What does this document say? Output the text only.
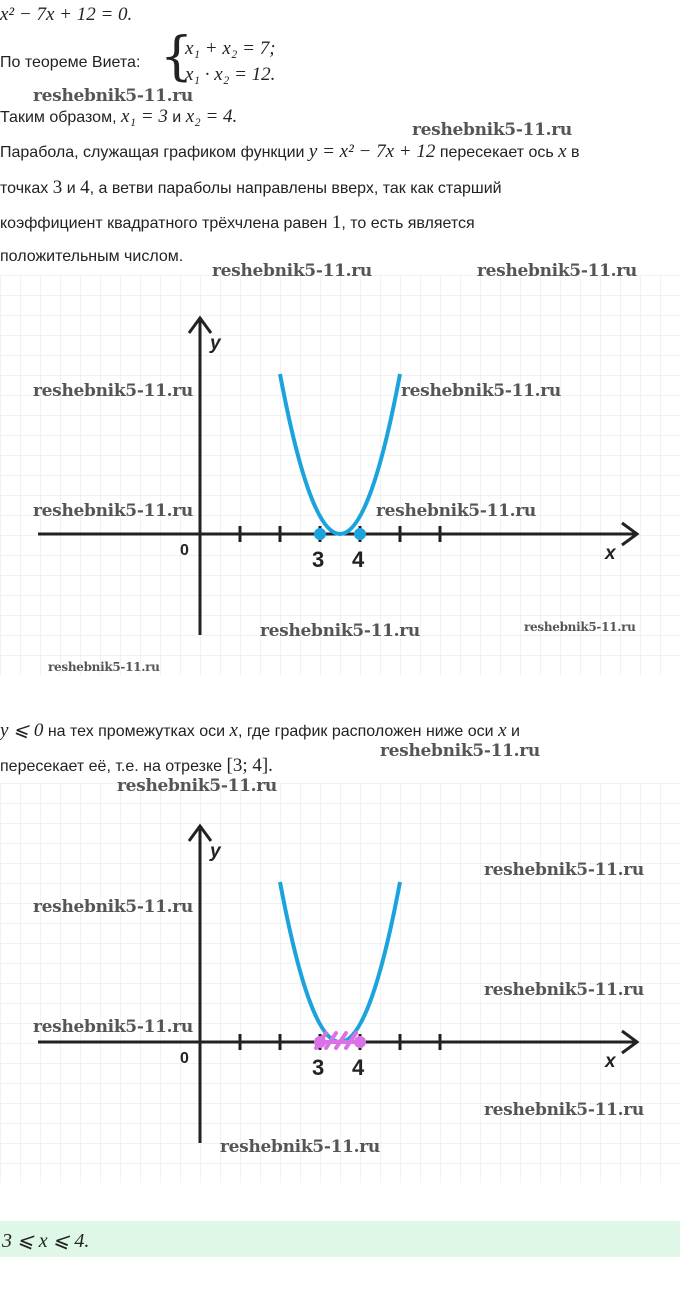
x² − 7x + 12 = 0.
По теореме Виета: {
x₁ + x₂ = 7;
x₁ · x₂ = 12.
Таким образом, x₁ = 3 и x₂ = 4.
Парабола, служащая графиком функции y = x² − 7x + 12 пересекает ось x в
точках 3 и 4, а ветви параболы направлены вверх, так как старший
коэффициент квадратного трёхчлена равен 1, то есть является
положительным числом.
y
x
0	3 4
y ⩽ 0 на тех промежутках оси x, где график расположен ниже оси x и
пересекает её, т.е. на отрезке [3; 4].
y
x
0	3 4
3 ⩽ x ⩽ 4.
reshebnik5-11.ru
reshebnik5-11.ru
reshebnik5-11.ru	reshebnik5-11.ru
reshebnik5-11.ru	reshebnik5-11.ru
reshebnik5-11.ru	reshebnik5-11.ru
reshebnik5-11.ru	reshebnik5-11.ru
reshebnik5-11.ru
reshebnik5-11.ru
reshebnik5-11.ru
reshebnik5-11.ru
reshebnik5-11.ru
reshebnik5-11.ru
reshebnik5-11.ru
reshebnik5-11.ru
reshebnik5-11.ru
